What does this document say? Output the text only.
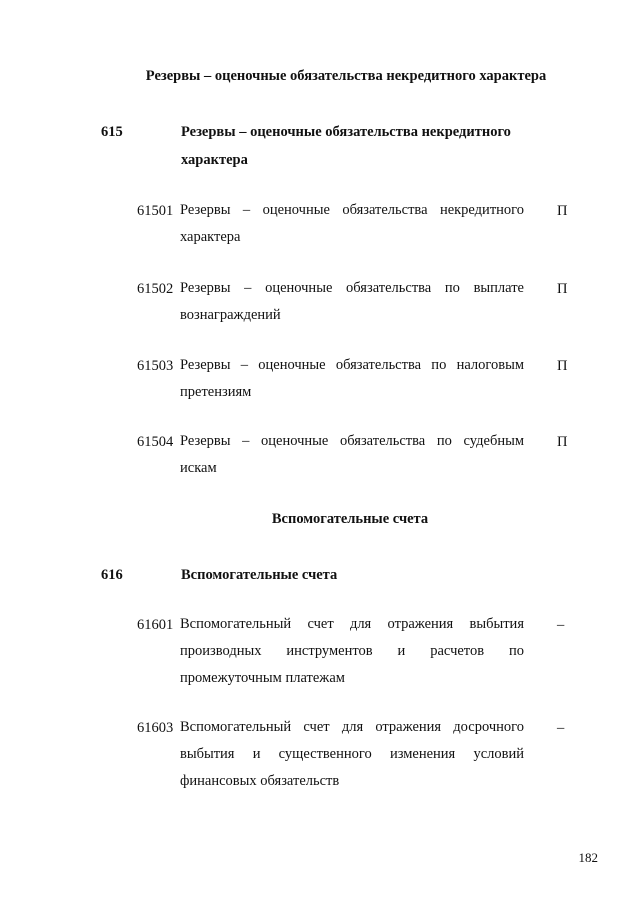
Резервы – оценочные обязательства некредитного характера
615	Резервы – оценочные обязательства некредитного характера
61501 Резервы – оценочные обязательства некредитного характера
П
61502 Резервы – оценочные обязательства по выплате вознаграждений
П
61503 Резервы – оценочные обязательства по налоговым претензиям
П
61504 Резервы – оценочные обязательства по судебным искам
П
Вспомогательные счета
616	Вспомогательные счета
61601 Вспомогательный счет для отражения выбытия производных инструментов и расчетов по промежуточным платежам
–
61603 Вспомогательный счет для отражения досрочного выбытия и существенного изменения условий финансовых обязательств
–
182
